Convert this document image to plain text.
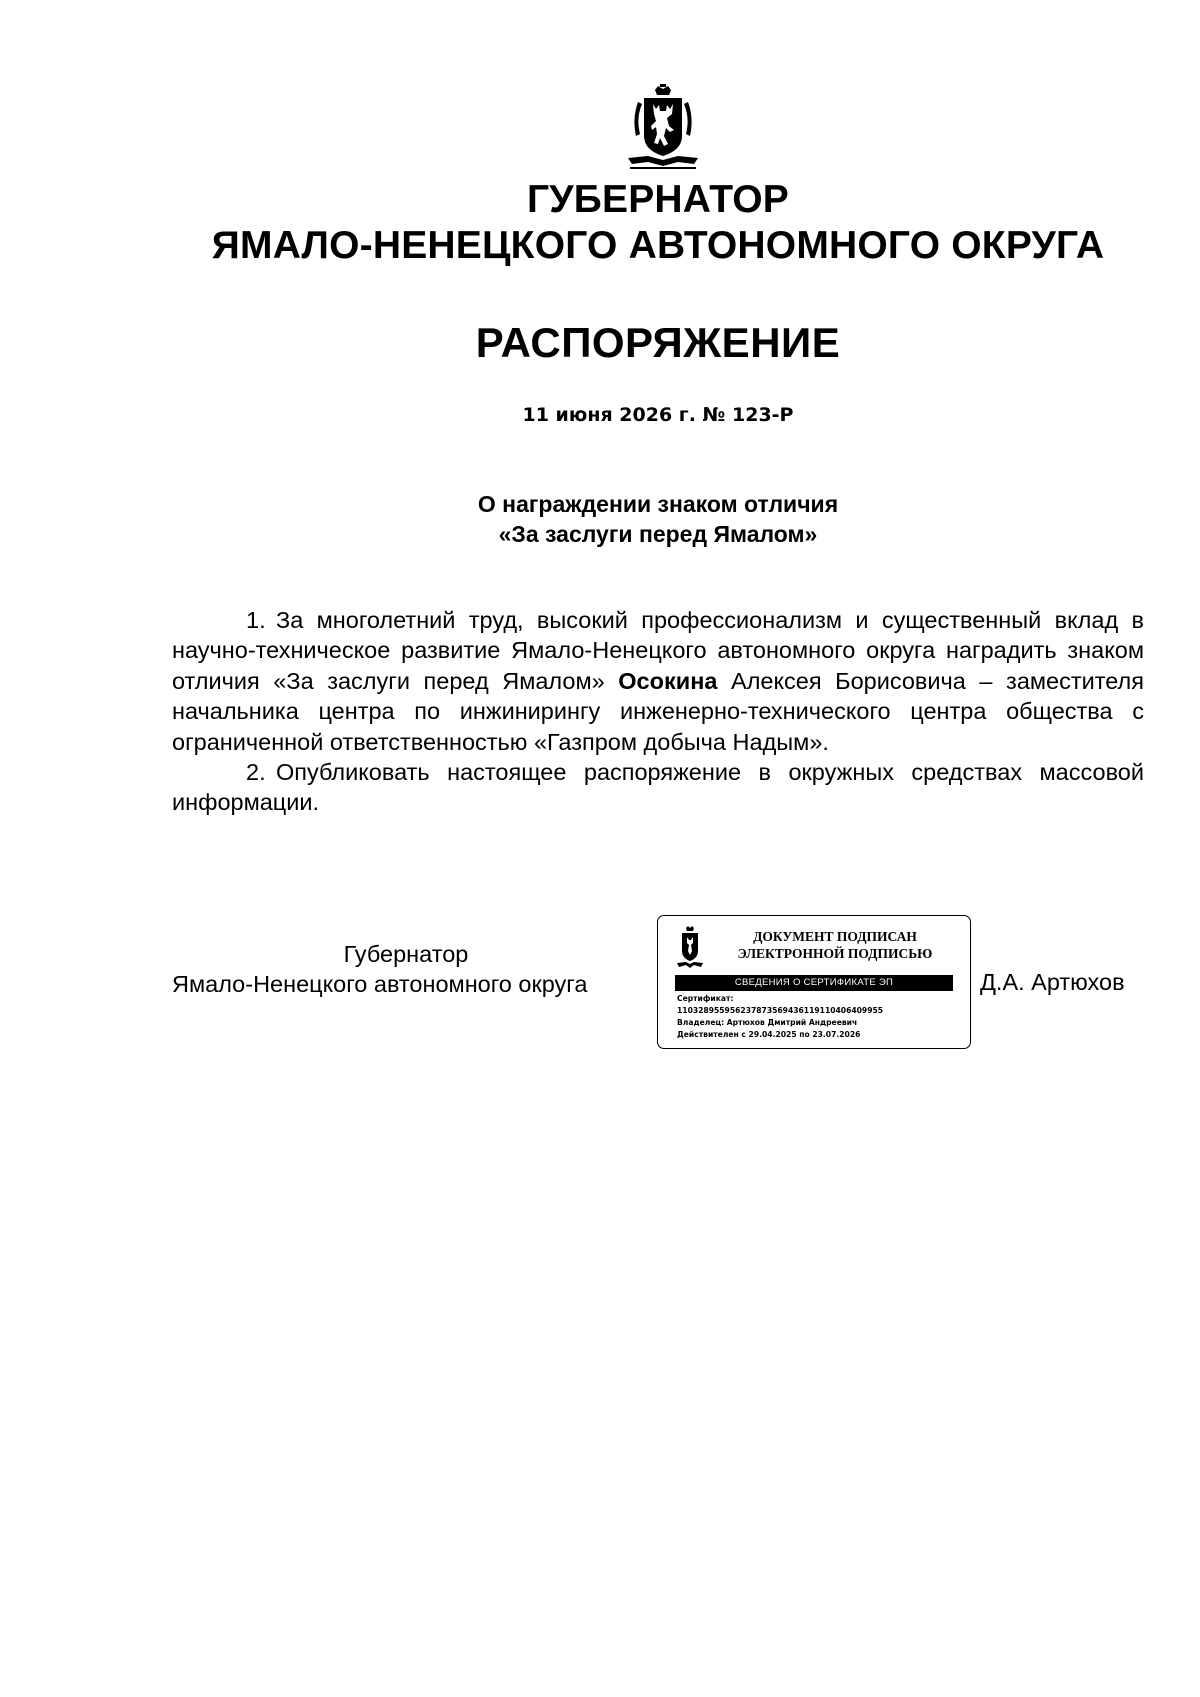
ГУБЕРНАТОР
ЯМАЛО-НЕНЕЦКОГО АВТОНОМНОГО ОКРУГА
РАСПОРЯЖЕНИЕ
11 июня 2026 г. № 123-Р
О награждении знаком отличия
«За заслуги перед Ямалом»

1. За многолетний труд, высокий профессионализм и существенный вклад в научно-техническое развитие Ямало-Ненецкого автономного округа наградить знаком отличия «За заслуги перед Ямалом» Осокина Алексея Борисовича – заместителя начальника центра по инжинирингу инженерно-технического центра общества с ограниченной ответственностью «Газпром добыча Надым».

2. Опубликовать настоящее распоряжение в окружных средствах массовой информации.

Губернатор
Ямало-Ненецкого автономного округа
ДОКУМЕНТ ПОДПИСАН
ЭЛЕКТРОННОЙ ПОДПИСЬЮ
СВЕДЕНИЯ О СЕРТИФИКАТЕ ЭП
Сертификат:
110328955956237873569436119110406409955
Владелец: Артюхов Дмитрий Андреевич
Действителен с 29.04.2025 по 23.07.2026
Д.А. Артюхов
